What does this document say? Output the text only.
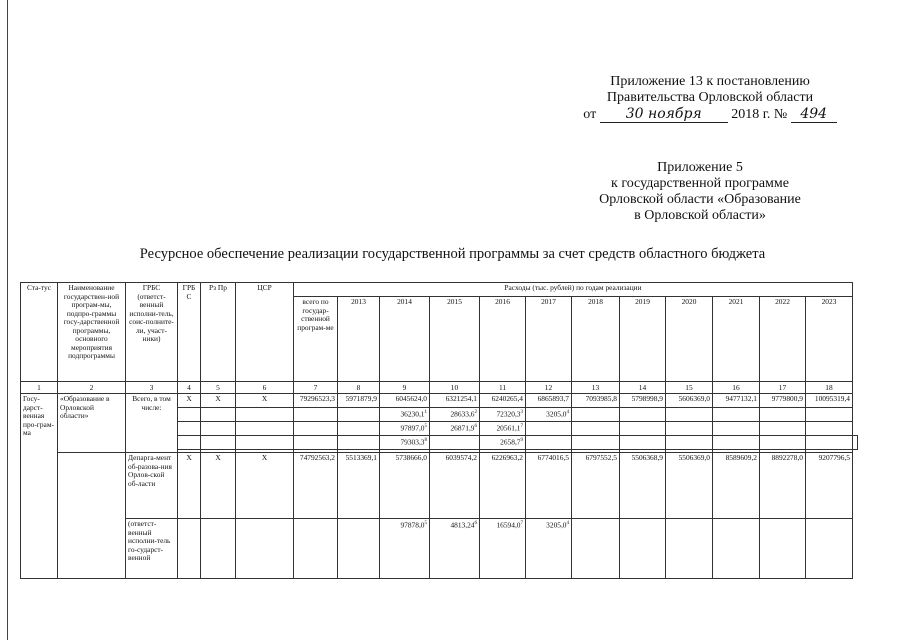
Приложение 13 к постановлению
Правительства Орловской области
от 30 ноября 2018 г. № 494
Приложение 5
к государственной программе
Орловской области «Образование
в Орловской области»
Ресурсное обеспечение реализации государственной программы за счет средств областного бюджета
Ста-тус	Наименование государствен-ной програм-мы, подпро-граммы госу-дарственной программы, основного мероприятия подпрограммы	ГРБС (ответст-венный исполни-тель, соис-полните-ли, участ-ники)	ГРБ С	Рз Пр	ЦСР	Расходы (тыс. рублей) по годам реализации												
						всего по государ-ственной програм-ме	2013	2014	2015	2016	2017	2018	2019	2020	2021	2022	2023	
1	2	3	4	5	6	7	8	9	10	11	12	13	14	15	16	17	18	
Госу-дарст-венная про-грам-ма	«Образование в Орловской области»	Всего, в том числе:	X	X	X	79296523,3	5971879,9	6045624,0	6321254,1	6240265,4	6865893,7	7093985,8	5798998,9	5606369,0	9477132,1	9779800,9	10095319,4	
								36230,1$^1$	28633,6$^2$	72320,3$^3$	3205,0$^4$						
								97897,0$^5$	26871,9$^6$	20561,1$^7$							
								79303,3$^8$		2658,7$^9$								

		Депарга-мент об-разова-ния Орлов-ской об-ласти	X	X	X	74792563,2	5513369,1	5738666,0	6039574,2	6226963,2	6774016,5	6797552,5	5506368,9	5506369,0	8589609,2	8892278,0	9207796,5	
		(ответст-венный исполни-тель го-сударст-венной						97878,0$^5$	4813,24$^6$	16594,0$^7$	3205,0$^4$						
